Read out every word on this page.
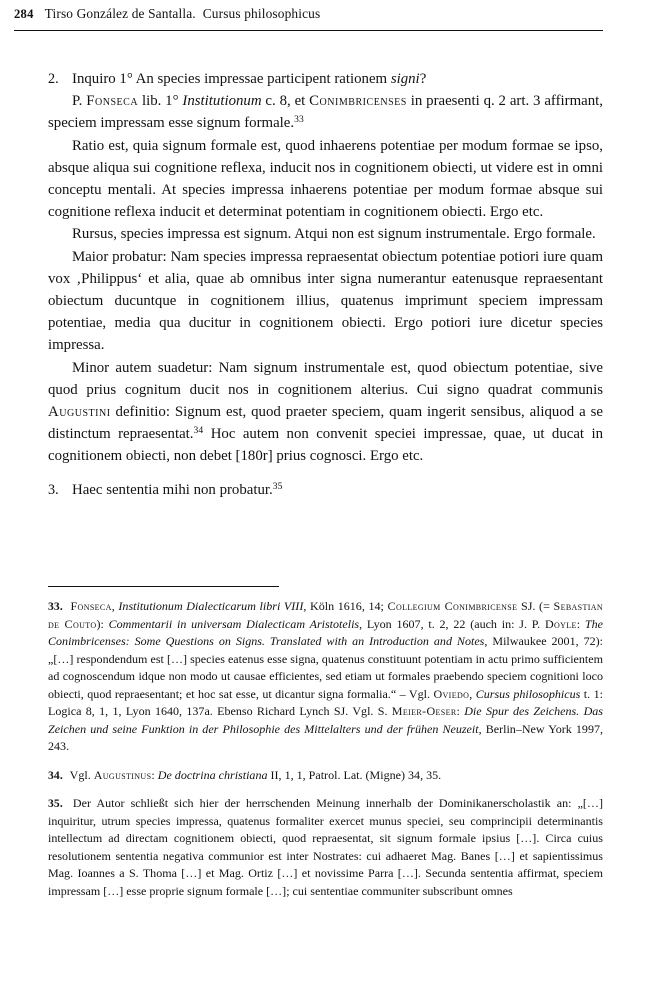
284 Tirso González de Santalla.  Cursus philosophicus

2. Inquiro 1° An species impressae participent rationem signi?

P. Fonseca lib. 1° Institutionum c. 8, et Conimbricenses in praesenti q. 2 art. 3 affirmant, speciem impressam esse signum formale.$^{33}$

Ratio est, quia signum formale est, quod inhaerens potentiae per modum formae se ipso, absque aliqua sui cognitione reflexa, inducit nos in cognitionem obiecti, ut videre est in omni conceptu mentali. At species impressa inhaerens potentiae per modum formae absque sui cognitione reflexa inducit et determinat potentiam in cognitionem obiecti. Ergo etc.

Rursus, species impressa est signum. Atqui non est signum instrumentale. Ergo formale.

Maior probatur: Nam species impressa repraesentat obiectum potentiae potiori iure quam vox ‚Philippus‘ et alia, quae ab omnibus inter signa numerantur eatenusque repraesentant obiectum ducuntque in cognitionem illius, quatenus imprimunt speciem impressam potentiae, media qua ducitur in cognitionem obiecti. Ergo potiori iure dicetur species impressa.

Minor autem suadetur: Nam signum instrumentale est, quod obiectum potentiae, sive quod prius cognitum ducit nos in cognitionem alterius. Cui signo quadrat communis Augustini definitio: Signum est, quod praeter speciem, quam ingerit sensibus, aliquod a se distinctum repraesentat.$^{34}$ Hoc autem non convenit speciei impressae, quae, ut ducat in cognitionem obiecti, non debet [180r] prius cognosci. Ergo etc.

3. Haec sententia mihi non probatur.$^{35}$

33. Fonseca, Institutionum Dialecticarum libri VIII, Köln 1616, 14; Collegium Conimbricense SJ. (= Sebastian de Couto): Commentarii in universam Dialecticam Aristotelis, Lyon 1607, t. 2, 22 (auch in: J. P. Doyle: The Conimbricenses: Some Questions on Signs. Translated with an Introduction and Notes, Milwaukee 2001, 72): „[…] respondendum est […] species eatenus esse signa, quatenus constituunt potentiam in actu primo sufficientem ad cognoscendum idque non modo ut causae efficientes, sed etiam ut formales praebendo speciem cognitioni loco obiecti, quod repraesentant; et hoc sat esse, ut dicantur signa formalia.“ – Vgl. Oviedo, Cursus philosophicus t. 1: Logica 8, 1, 1, Lyon 1640, 137a. Ebenso Richard Lynch SJ. Vgl. S. Meier-Oeser: Die Spur des Zeichens. Das Zeichen und seine Funktion in der Philosophie des Mittelalters und der frühen Neuzeit, Berlin–New York 1997, 243.

34. Vgl. Augustinus: De doctrina christiana II, 1, 1, Patrol. Lat. (Migne) 34, 35.

35. Der Autor schließt sich hier der herrschenden Meinung innerhalb der Dominikanerscholastik an: „[…] inquiritur, utrum species impressa, quatenus formaliter exercet munus speciei, seu comprincipii determinantis intellectum ad directam cognitionem obiecti, quod repraesentat, sit signum formale ipsius […]. Circa cuius resolutionem sententia negativa communior est inter Nostrates: cui adhaeret Mag. Banes […] et sapientissimus Mag. Ioannes a S. Thoma […] et Mag. Ortiz […] et novissime Parra […]. Secunda sententia affirmat, speciem impressam […] esse proprie signum formale […]; cui sententiae communiter subscribunt omnes
